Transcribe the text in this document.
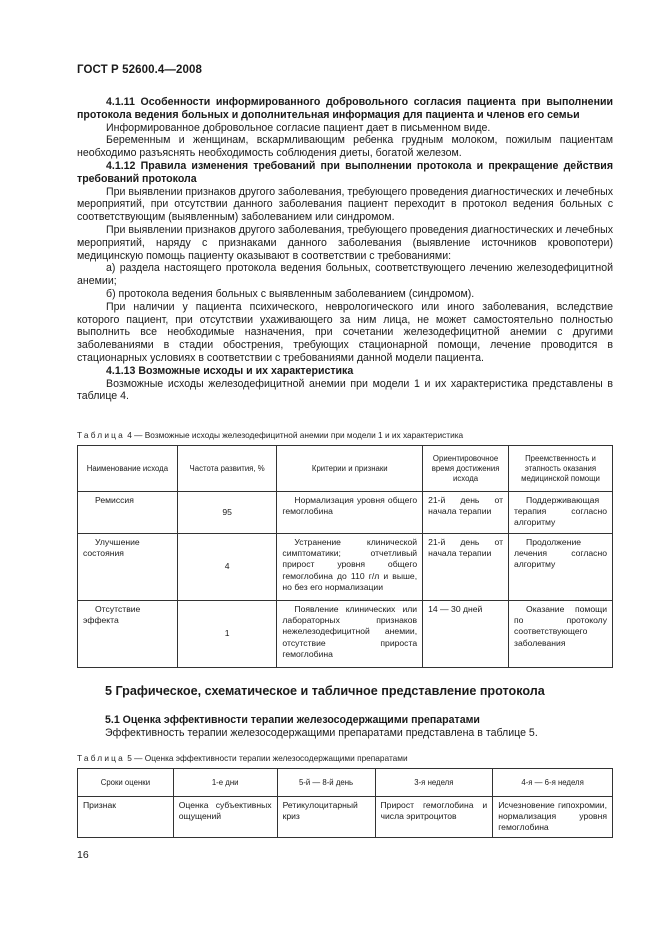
ГОСТ Р 52600.4—2008

4.1.11 Особенности информированного добровольного согласия пациента при выполнении протокола ведения больных и дополнительная информация для пациента и членов его семьи

Информированное добровольное согласие пациент дает в письменном виде.

Беременным и женщинам, вскармливающим ребенка грудным молоком, пожилым пациентам необходимо разъяснять необходимость соблюдения диеты, богатой железом.

4.1.12 Правила изменения требований при выполнении протокола и прекращение действия требований протокола

При выявлении признаков другого заболевания, требующего проведения диагностических и лечебных мероприятий, при отсутствии данного заболевания пациент переходит в протокол ведения больных с соответствующим (выявленным) заболеванием или синдромом.

При выявлении признаков другого заболевания, требующего проведения диагностических и лечебных мероприятий, наряду с признаками данного заболевания (выявление источников кровопотери) медицинскую помощь пациенту оказывают в соответствии с требованиями:

а) раздела настоящего протокола ведения больных, соответствующего лечению железодефицитной анемии;

б) протокола ведения больных с выявленным заболеванием (синдромом).

При наличии у пациента психического, неврологического или иного заболевания, вследствие которого пациент, при отсутствии ухаживающего за ним лица, не может самостоятельно полностью выполнить все необходимые назначения, при сочетании железодефицитной анемии с другими заболеваниями в стадии обострения, требующих стационарной помощи, лечение проводится в стационарных условиях в соответствии с требованиями данной модели пациента.

4.1.13 Возможные исходы и их характеристика

Возможные исходы железодефицитной анемии при модели 1 и их характеристика представлены в таблице 4.

Таблица 4 — Возможные исходы железодефицитной анемии при модели 1 и их характеристика
Наименование исхода	Частота развития, %	Критерии и признаки	Ориентировочное время достижения исхода	Преемственность и этапность оказания медицинской помощи

Ремиссия	95	Нормализация уровня общего гемоглобина	21-й день от начала терапии	Поддерживающая терапия согласно алгоритму

Улучшение состояния	4	Устранение клинической симптоматики; отчетливый прирост уровня общего гемоглобина до 110 г/л и выше, но без его нормализации	21-й день от начала терапии	Продолжение лечения согласно алгоритму

Отсутствие эффекта	1	Появление клинических или лабораторных признаков нежелезодефицитной анемии, отсутствие прироста гемоглобина	14 — 30 дней	Оказание помощи по протоколу соответствующего заболевания
5 Графическое, схематическое и табличное представление протокола
5.1 Оценка эффективности терапии железосодержащими препаратами
Эффективность терапии железосодержащими препаратами представлена в таблице 5.
Таблица 5 — Оценка эффективности терапии железосодержащими препаратами
Сроки оценки	1-е дни	5-й — 8-й день	3-я неделя	4-я — 6-я неделя
Признак	Оценка субъективных ощущений	Ретикулоцитарный криз	Прирост гемоглобина и числа эритроцитов	Исчезновение гипохромии, нормализация уровня гемоглобина
16
